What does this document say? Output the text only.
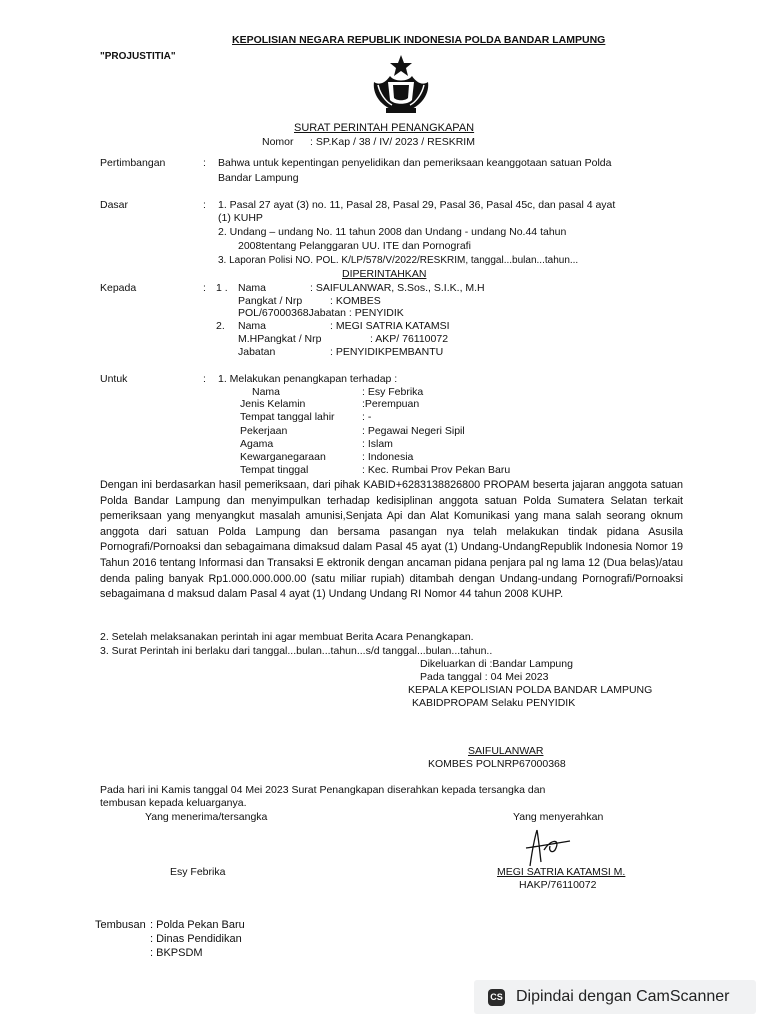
KEPOLISIAN NEGARA REPUBLIK INDONESIA POLDA BANDAR LAMPUNG
"PROJUSTITIA"
SURAT PERINTAH PENANGKAPAN
Nomor : SP.Kap / 38 / IV/ 2023 / RESKRIM
Pertimbangan	: Bahwa untuk kepentingan penyelidikan dan pemeriksaan keanggotaan satuan Polda
Bandar Lampung
Dasar	: 1. Pasal 27 ayat (3) no. 11, Pasal 28, Pasal 29, Pasal 36, Pasal 45c, dan pasal 4 ayat
(1) KUHP
2. Undang – undang No. 11 tahun 2008 dan Undang - undang No.44 tahun
2008tentang Pelanggaran UU. ITE dan Pornografi
3. Laporan Polisi NO. POL. K/LP/578/V/2022/RESKRIM, tanggal...bulan...tahun...
DIPERINTAHKAN
Kepada	: 1 . Nama	: SAIFULANWAR, S.Sos., S.I.K., M.H
Pangkat / Nrp	: KOMBES
POL/67000368Jabatan : PENYIDIK
2. Nama	: MEGI SATRIA KATAMSI
M.HPangkat / Nrp	: AKP/ 76110072
Jabatan	: PENYIDIKPEMBANTU
Untuk	: 1. Melakukan penangkapan terhadap :
Nama	: Esy Febrika
Jenis Kelamin	:Perempuan
Tempat tanggal lahir	: -
Pekerjaan	: Pegawai Negeri Sipil
Agama	: Islam
Kewarganegaraan	: Indonesia
Tempat tinggal	: Kec. Rumbai Prov Pekan Baru
Dengan ini berdasarkan hasil pemeriksaan, dari pihak KABID+6283138826800 PROPAM beserta jajaran anggota satuan Polda Bandar Lampung dan menyimpulkan terhadap kedisiplinan anggota satuan Polda Sumatera Selatan terkait pemeriksaan yang menyangkut masalah amunisi,Senjata Api dan Alat Komunikasi yang mana salah seorang oknum anggota dari satuan Polda Lampung dan bersama pasangan nya telah melakukan tindak pidana Asusila Pornografi/Pornoaksi dan sebagaimana dimaksud dalam Pasal 45 ayat (1) Undang-UndangRepublik Indonesia Nomor 19 Tahun 2016 tentang Informasi dan Transaksi E ektronik dengan ancaman pidana penjara pal ng lama 12 (Dua belas)/atau denda paling banyak Rp1.000.000.000.00 (satu miliar rupiah) ditambah dengan Undang-undang Pornografi/Pornoaksi sebagaimana d maksud dalam Pasal 4 ayat (1) Undang Undang RI Nomor 44 tahun 2008 KUHP.
2. Setelah melaksanakan perintah ini agar membuat Berita Acara Penangkapan.
3. Surat Perintah ini berlaku dari tanggal...bulan...tahun...s/d tanggal...bulan...tahun..
Dikeluarkan di :Bandar Lampung
Pada tanggal : 04 Mei 2023
KEPALA KEPOLISIAN POLDA BANDAR LAMPUNG
KABIDPROPAM Selaku PENYIDIK
SAIFULANWAR
KOMBES POLNRP67000368
Pada hari ini Kamis tanggal 04 Mei 2023 Surat Penangkapan diserahkan kepada tersangka dan
tembusan kepada keluarganya.
Yang menerima/tersangka	Yang menyerahkan
Esy Febrika	MEGI SATRIA KATAMSI M.
HAKP/76110072
Tembusan : Polda Pekan Baru
: Dinas Pendidikan
: BKPSDM
CS Dipindai dengan CamScanner
